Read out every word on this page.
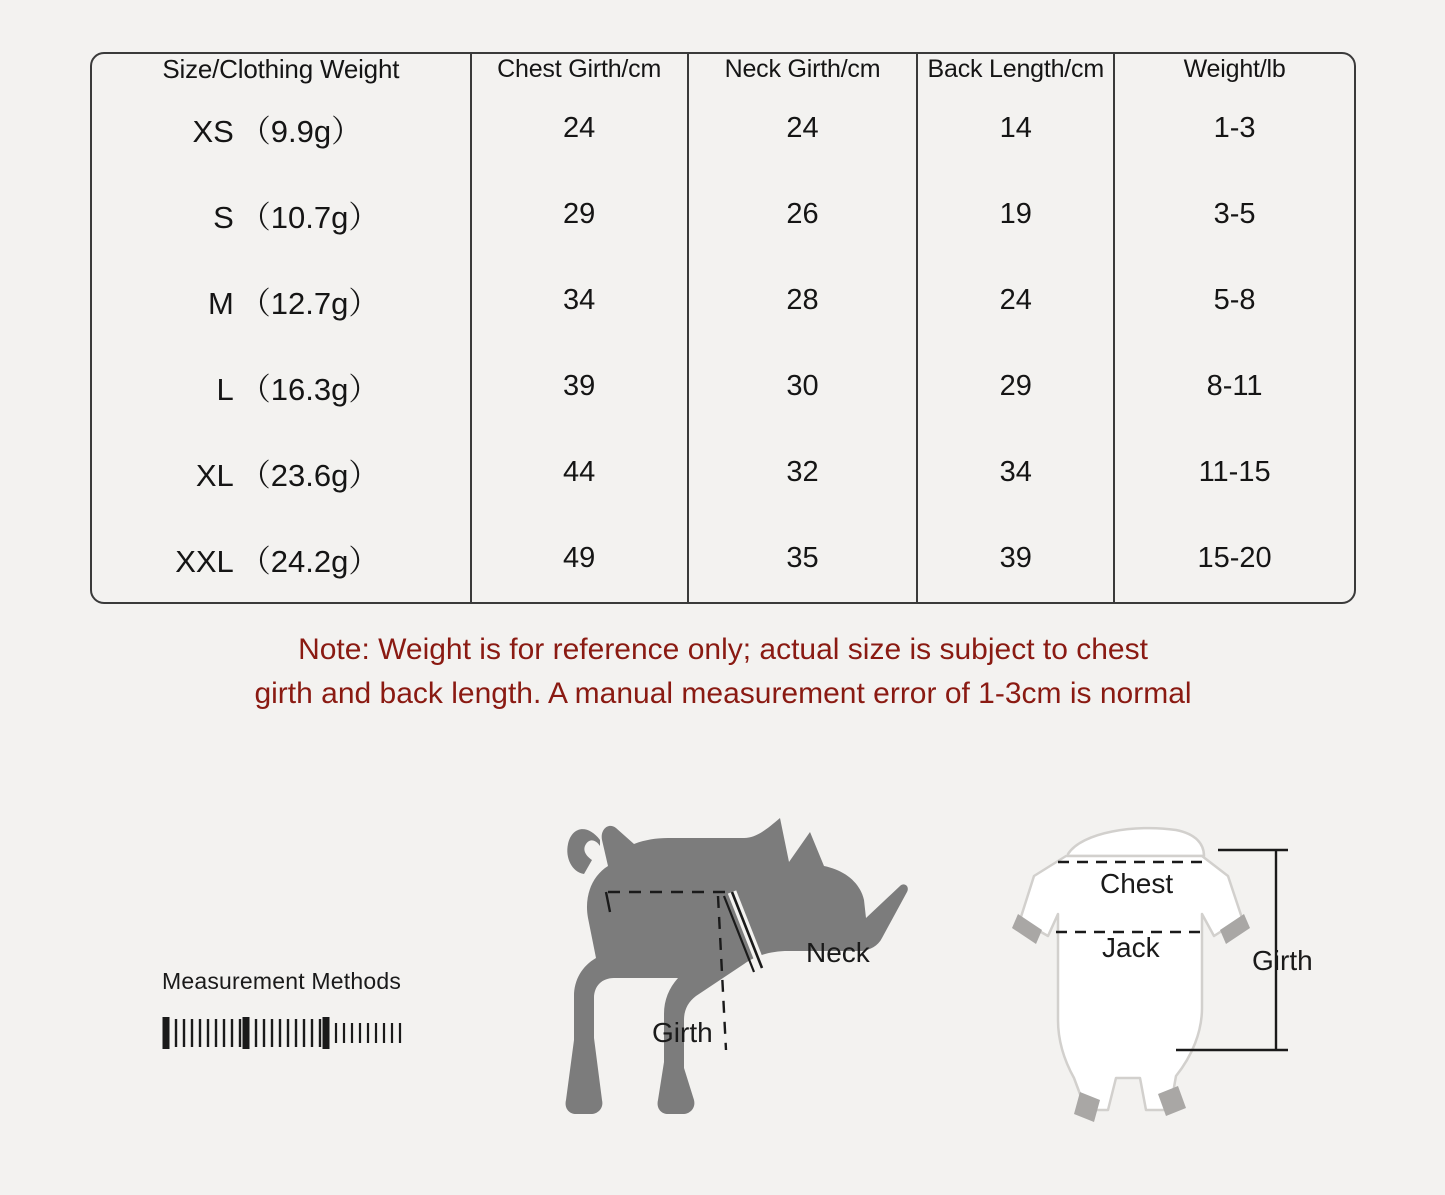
Size/Clothing Weight	Chest Girth/cm	Neck Girth/cm	Back Length/cm	Weight/lb

XS （9.9g）	24	24	14	1-3

S （10.7g）	29	26	19	3-5

M （12.7g）	34	28	24	5-8

L （16.3g）	39	30	29	8-11

XL （23.6g）	44	32	34	11-15

XXL （24.2g）	49	35	39	15-20
Note: Weight is for reference only; actual size is subject to chest
girth and back length. A manual measurement error of 1-3cm is normal
Measurement Methods
Neck
Girth
Chest
Jack	Girth
